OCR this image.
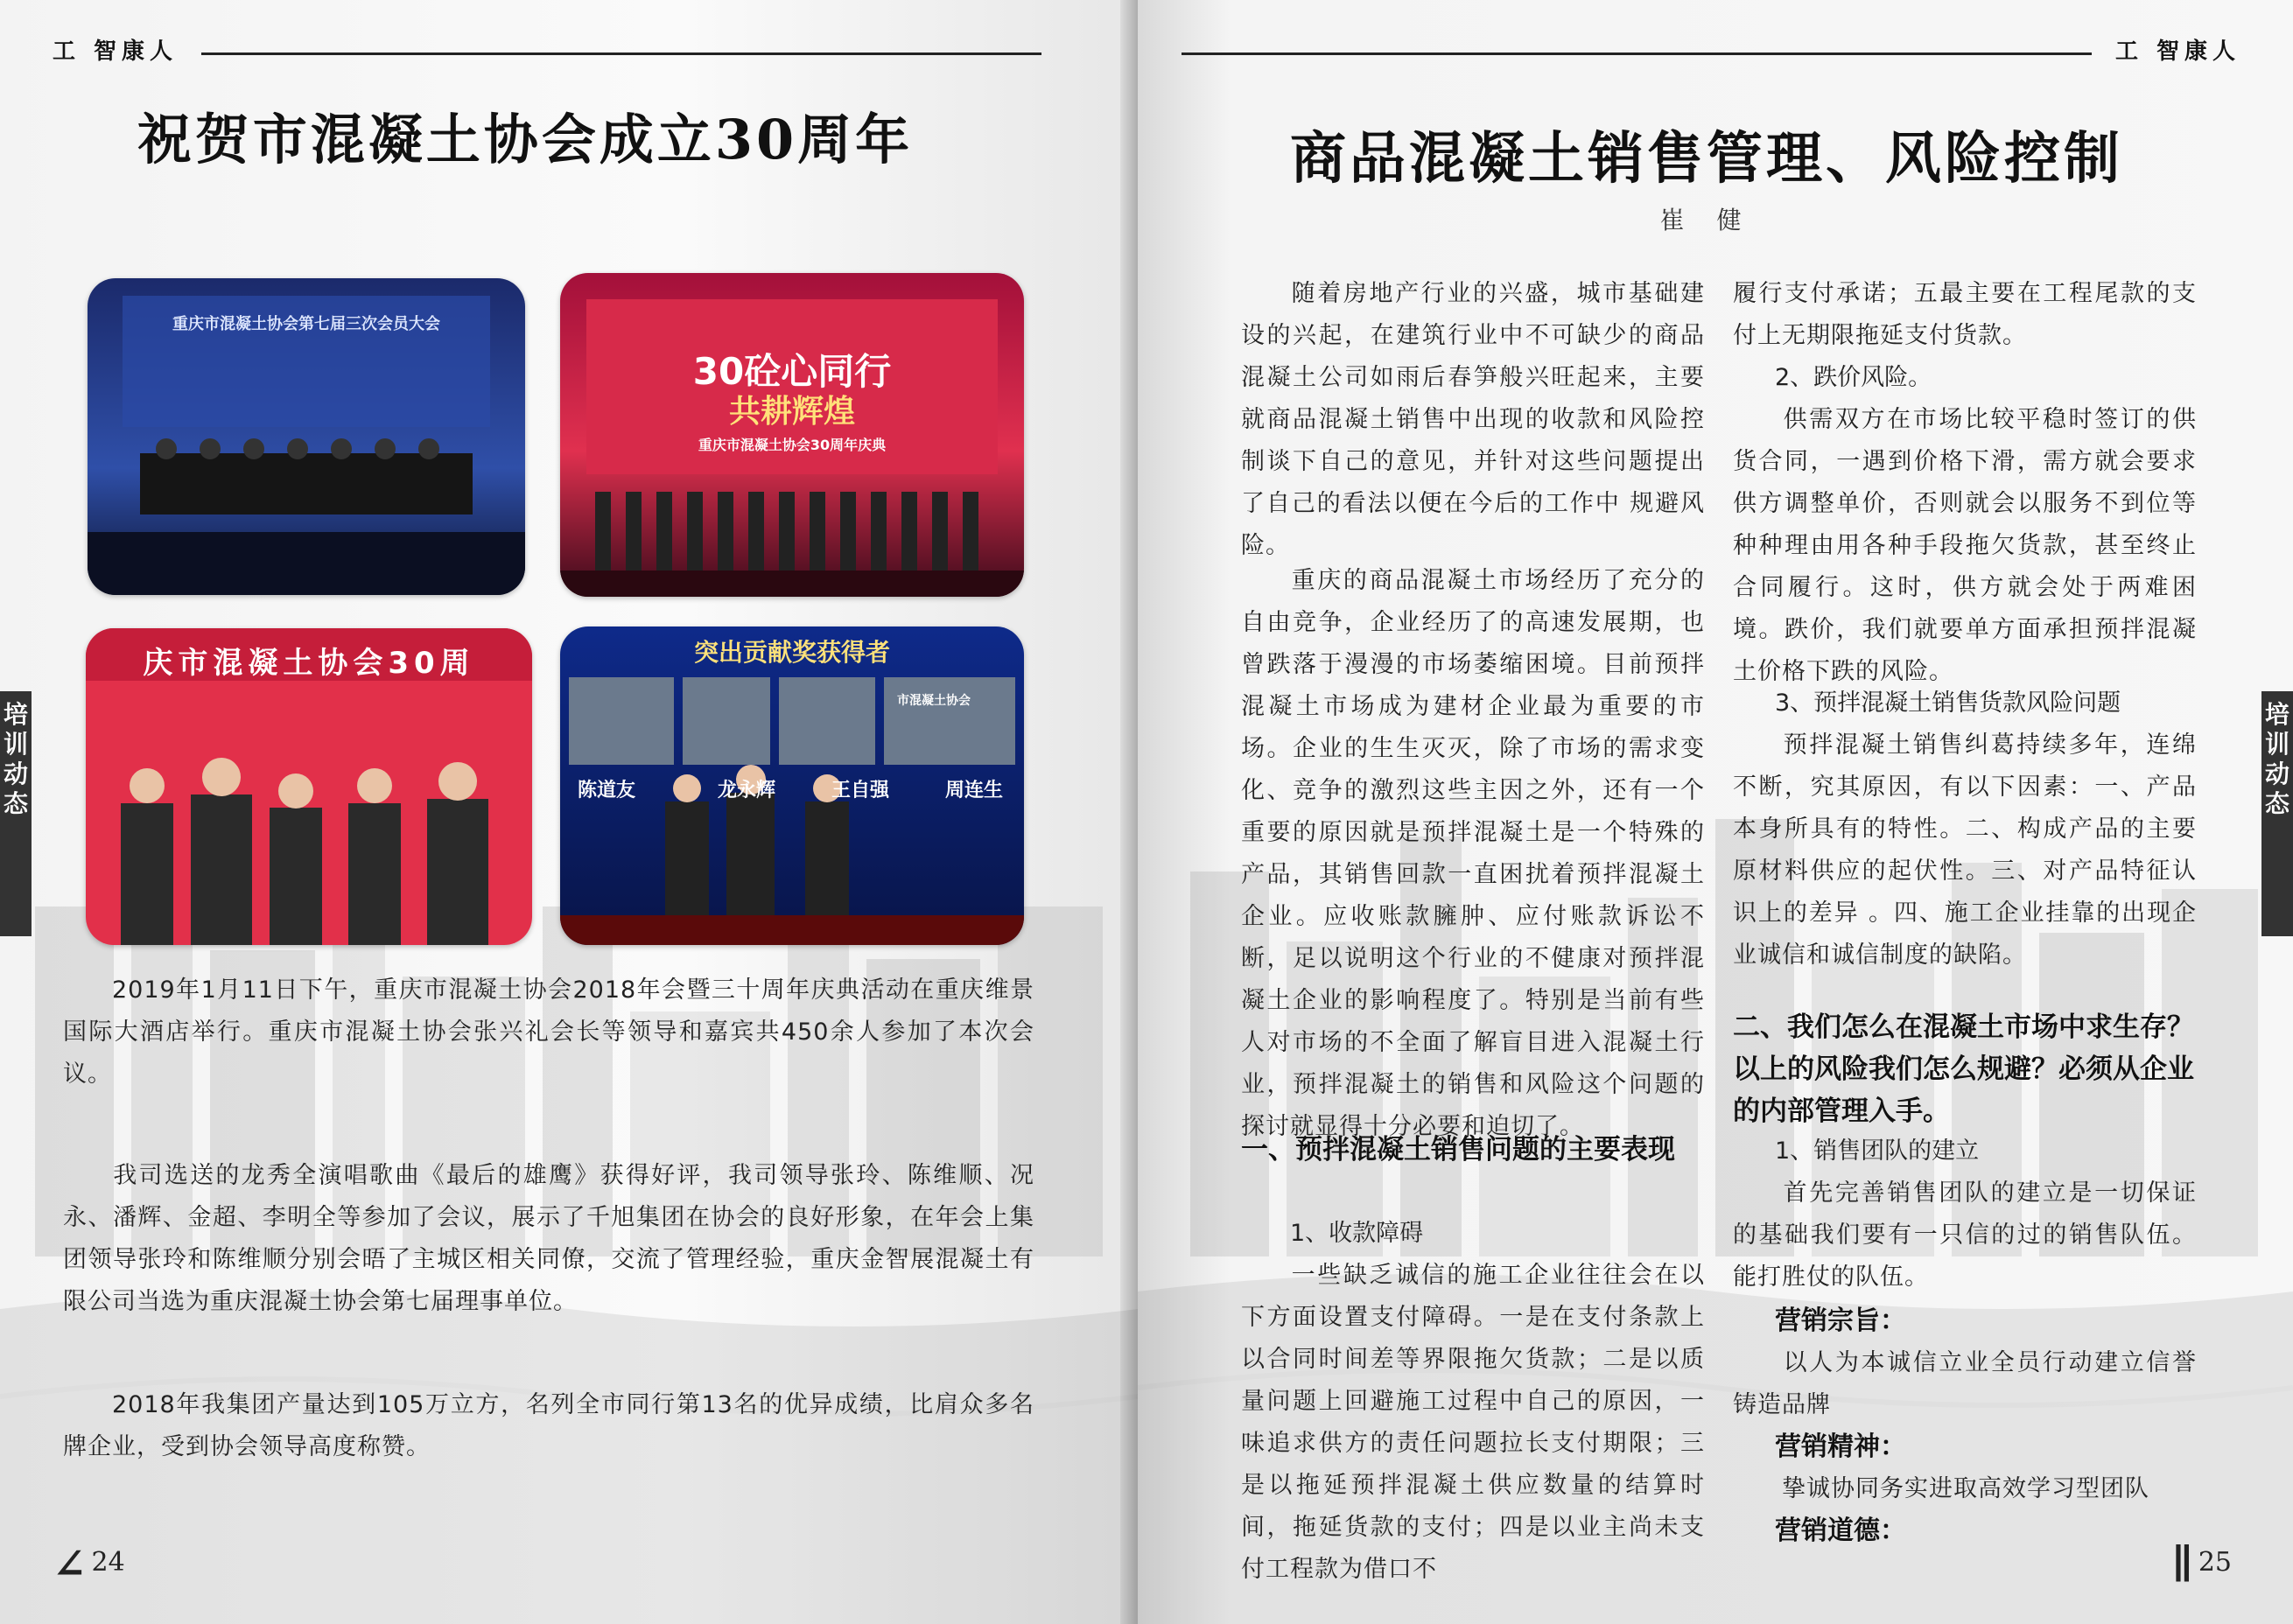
工 智康人
祝贺市混凝土协会成立30周年
重庆市混凝土协会第七届三次会员大会
30砼心同行
共耕辉煌
重庆市混凝土协会30周年庆典
庆市混凝土协会30周	突出贡献奖获得者
市混凝土协会
陈道友	龙永辉	王自强	周连生
2019年1月11日下午，重庆市混凝土协会2018年会暨三十周年庆典活动在重庆维景国际大酒店举行。重庆市混凝土协会张兴礼会长等领导和嘉宾共450余人参加了本次会议。
我司选送的龙秀全演唱歌曲《最后的雄鹰》获得好评，我司领导张玲、陈维顺、况永、潘辉、金超、李明全等参加了会议，展示了千旭集团在协会的良好形象，在年会上集团领导张玲和陈维顺分别会晤了主城区相关同僚，交流了管理经验，重庆金智展混凝土有限公司当选为重庆混凝土协会第七届理事单位。
2018年我集团产量达到105万立方，名列全市同行第13名的优异成绩，比肩众多名牌企业，受到协会领导高度称赞。
培训动态
∠ 24
工 智康人
商品混凝土销售管理、风险控制
崔 健
随着房地产行业的兴盛，城市基础建设的兴起，在建筑行业中不可缺少的商品混凝土公司如雨后春笋般兴旺起来，主要就商品混凝土销售中出现的收款和风险控制谈下自己的意见，并针对这些问题提出了自己的看法以便在今后的工作中 规避风险。
重庆的商品混凝土市场经历了充分的自由竞争，企业经历了的高速发展期，也曾跌落于漫漫的市场萎缩困境。目前预拌混凝土市场成为建材企业最为重要的市场。企业的生生灭灭，除了市场的需求变化、竞争的激烈这些主因之外，还有一个重要的原因就是预拌混凝土是一个特殊的产品，其销售回款一直困扰着预拌混凝土企业。应收账款臃肿、应付账款诉讼不断，足以说明这个行业的不健康对预拌混凝土企业的影响程度了。特别是当前有些人对市场的不全面了解盲目进入混凝土行业，预拌混凝土的销售和风险这个问题的探讨就显得十分必要和迫切了。
一、预拌混凝土销售问题的主要表现
1、收款障碍
一些缺乏诚信的施工企业往往会在以下方面设置支付障碍。一是在支付条款上以合同时间差等界限拖欠货款；二是以质量问题上回避施工过程中自己的原因，一味追求供方的责任问题拉长支付期限；三是以拖延预拌混凝土供应数量的结算时间，拖延货款的支付；四是以业主尚未支付工程款为借口不
履行支付承诺；五最主要在工程尾款的支付上无期限拖延支付货款。
2、跌价风险。
供需双方在市场比较平稳时签订的供货合同，一遇到价格下滑，需方就会要求供方调整单价，否则就会以服务不到位等种种理由用各种手段拖欠货款，甚至终止合同履行。这时，供方就会处于两难困境。跌价，我们就要单方面承担预拌混凝土价格下跌的风险。
3、预拌混凝土销售货款风险问题
预拌混凝土销售纠葛持续多年，连绵不断，究其原因，有以下因素：一、产品本身所具有的特性。二、构成产品的主要原材料供应的起伏性。三、对产品特征认识上的差异 。四、施工企业挂靠的出现企业诚信和诚信制度的缺陷。
二、我们怎么在混凝土市场中求生存？以上的风险我们怎么规避？必须从企业的内部管理入手。
1、销售团队的建立
首先完善销售团队的建立是一切保证的基础我们要有一只信的过的销售队伍。能打胜仗的队伍。
营销宗旨：
以人为本诚信立业全员行动建立信誉铸造品牌
营销精神：
挚诚协同务实进取高效学习型团队
营销道德：
培训动态
∥ 25
